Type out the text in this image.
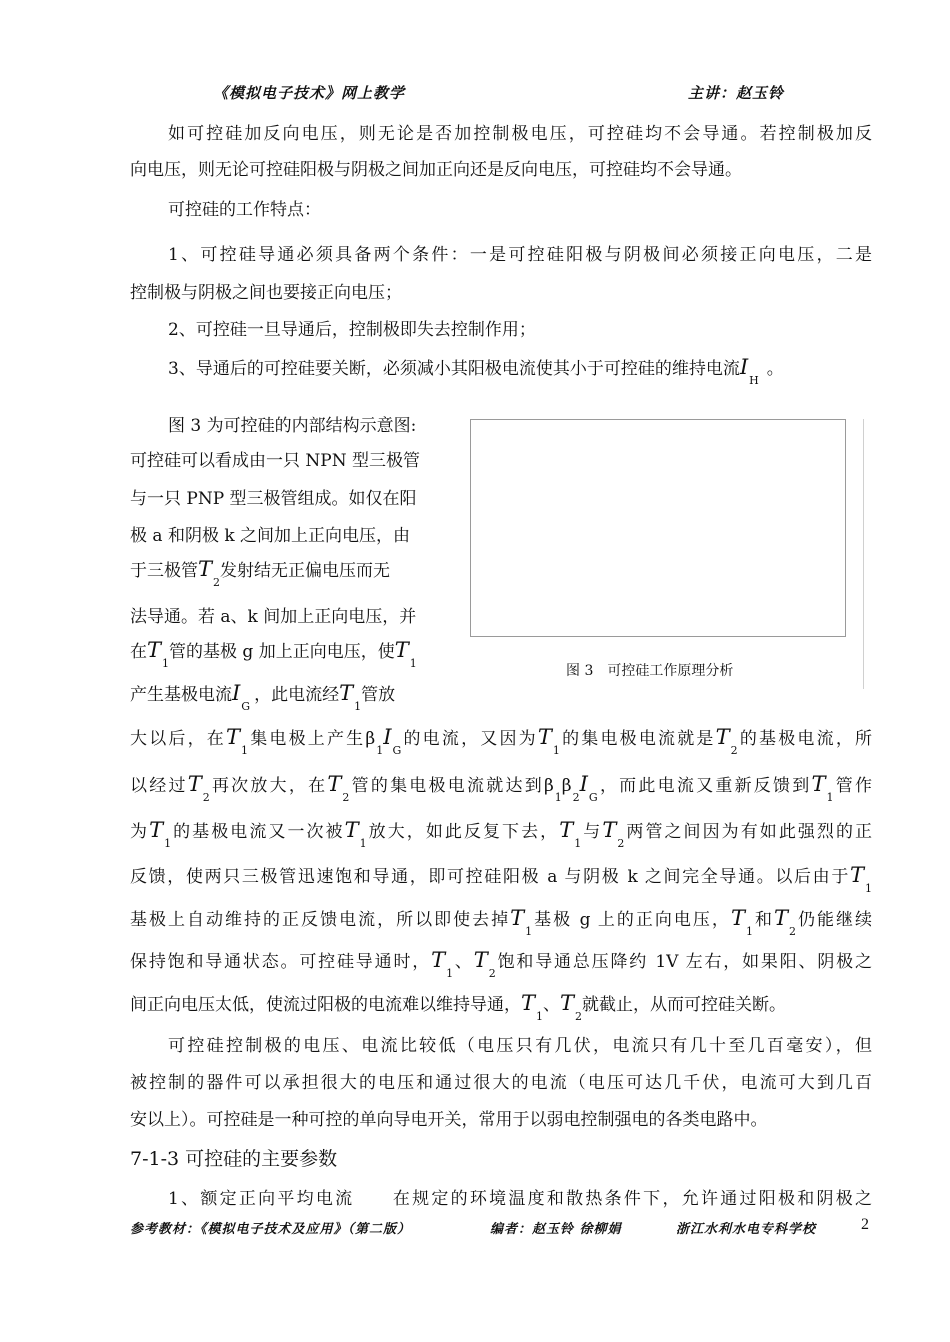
《模拟电子技术》网上教学	主讲：赵玉铃
如可控硅加反向电压，则无论是否加控制极电压，可控硅均不会导通。若控制极加反
向电压，则无论可控硅阳极与阴极之间加正向还是反向电压，可控硅均不会导通。
可控硅的工作特点：
1、可控硅导通必须具备两个条件：一是可控硅阳极与阴极间必须接正向电压，二是
控制极与阴极之间也要接正向电压；
2、可控硅一旦导通后，控制极即失去控制作用；
3、导通后的可控硅要关断，必须减小其阳极电流使其小于可控硅的维持电流$I_H$。
图 3 为可控硅的内部结构示意图:
可控硅可以看成由一只 NPN 型三极管
与一只 PNP 型三极管组成。如仅在阳
极 a 和阴极 k 之间加上正向电压，由
于三极管$T_2$发射结无正偏电压而无
法导通。若 a、k 间加上正向电压，并
在$T_1$管的基极 g 加上正向电压，使$T_1$
产生基极电流$I_G$，此电流经$T_1$管放
图 3　可控硅工作原理分析
大以后，在$T_1$集电极上产生$\beta_1I_G$的电流，又因为$T_1$的集电极电流就是$T_2$的基极电流，所
以经过$T_2$再次放大，在$T_2$管的集电极电流就达到$\beta_1\beta_2I_G$，而此电流又重新反馈到$T_1$管作
为$T_1$的基极电流又一次被$T_1$放大，如此反复下去，$T_1$与$T_2$两管之间因为有如此强烈的正
反馈，使两只三极管迅速饱和导通，即可控硅阳极 a 与阴极 k 之间完全导通。以后由于$T_1$
基极上自动维持的正反馈电流，所以即使去掉$T_1$基极 g 上的正向电压，$T_1$和$T_2$仍能继续
保持饱和导通状态。可控硅导通时，$T_1$、$T_2$饱和导通总压降约 1V 左右，如果阳、阴极之
间正向电压太低，使流过阳极的电流难以维持导通，$T_1$、$T_2$就截止，从而可控硅关断。
可控硅控制极的电压、电流比较低（电压只有几伏，电流只有几十至几百毫安），但
被控制的器件可以承担很大的电压和通过很大的电流（电压可达几千伏，电流可大到几百
安以上）。可控硅是一种可控的单向导电开关，常用于以弱电控制强电的各类电路中。
7-1-3 可控硅的主要参数
1、额定正向平均电流　　在规定的环境温度和散热条件下，允许通过阳极和阴极之
参考教材：《模拟电子技术及应用》（第二版）	编者：赵玉铃 徐柳娟	浙江水利水电专科学校	2
